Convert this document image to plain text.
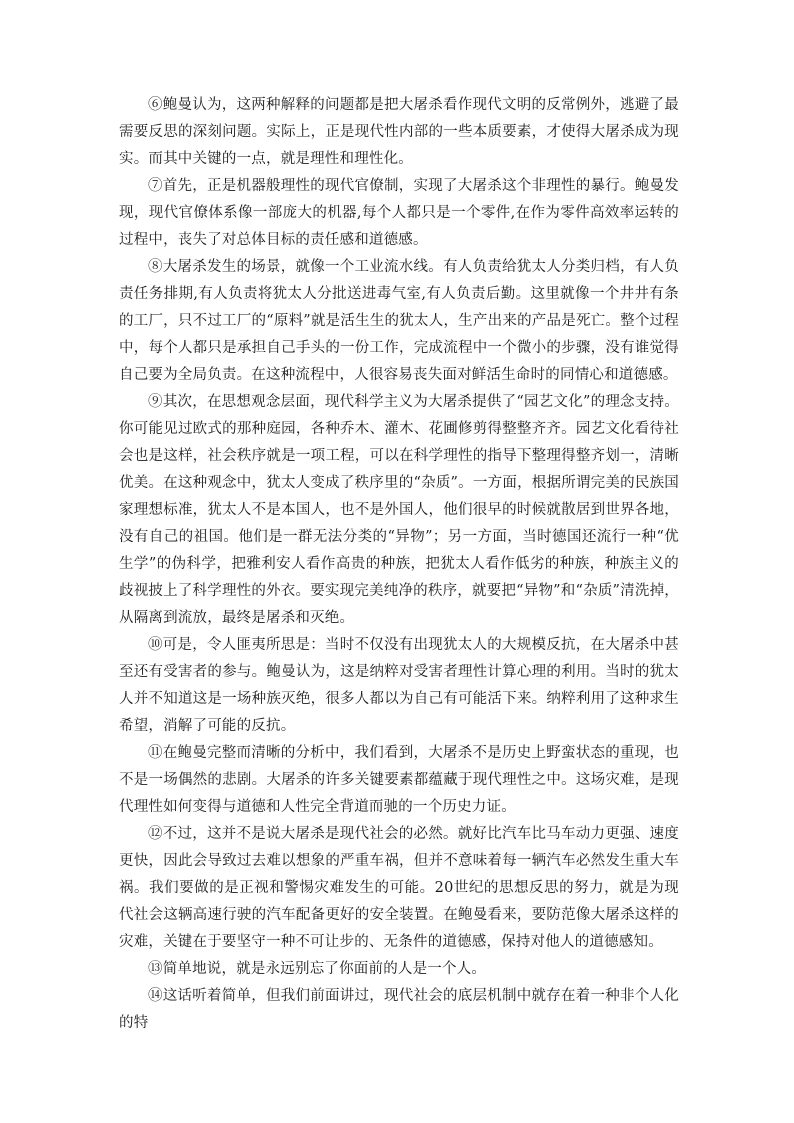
⑥鲍曼认为，这两种解释的问题都是把大屠杀看作现代文明的反常例外，逃避了最需要反思的深刻问题。实际上，正是现代性内部的一些本质要素，才使得大屠杀成为现实。而其中关键的一点，就是理性和理性化。

⑦首先，正是机器般理性的现代官僚制，实现了大屠杀这个非理性的暴行。鲍曼发现，现代官僚体系像一部庞大的机器,每个人都只是一个零件,在作为零件高效率运转的过程中，丧失了对总体目标的责任感和道德感。

⑧大屠杀发生的场景，就像一个工业流水线。有人负责给犹太人分类归档，有人负责任务排期,有人负责将犹太人分批送进毒气室,有人负责后勤。这里就像一个井井有条的工厂，只不过工厂的“原料”就是活生生的犹太人，生产出来的产品是死亡。整个过程中，每个人都只是承担自己手头的一份工作，完成流程中一个微小的步骤，没有谁觉得自己要为全局负责。在这种流程中，人很容易丧失面对鲜活生命时的同情心和道德感。

⑨其次，在思想观念层面，现代科学主义为大屠杀提供了“园艺文化”的理念支持。你可能见过欧式的那种庭园，各种乔木、灌木、花圃修剪得整整齐齐。园艺文化看待社会也是这样，社会秩序就是一项工程，可以在科学理性的指导下整理得整齐划一，清晰优美。在这种观念中，犹太人变成了秩序里的“杂质”。一方面，根据所谓完美的民族国家理想标准，犹太人不是本国人，也不是外国人，他们很早的时候就散居到世界各地，没有自己的祖国。他们是一群无法分类的“异物”；另一方面，当时德国还流行一种“优生学”的伪科学，把雅利安人看作高贵的种族，把犹太人看作低劣的种族，种族主义的歧视披上了科学理性的外衣。要实现完美纯净的秩序，就要把“异物”和“杂质”清洗掉，从隔离到流放，最终是屠杀和灭绝。

⑩可是，令人匪夷所思是：当时不仅没有出现犹太人的大规模反抗，在大屠杀中甚至还有受害者的参与。鲍曼认为，这是纳粹对受害者理性计算心理的利用。当时的犹太人并不知道这是一场种族灭绝，很多人都以为自己有可能活下来。纳粹利用了这种求生希望，消解了可能的反抗。

⑪在鲍曼完整而清晰的分析中，我们看到，大屠杀不是历史上野蛮状态的重现，也不是一场偶然的悲剧。大屠杀的许多关键要素都蕴藏于现代理性之中。这场灾难，是现代理性如何变得与道德和人性完全背道而驰的一个历史力证。

⑫不过，这并不是说大屠杀是现代社会的必然。就好比汽车比马车动力更强、速度更快，因此会导致过去难以想象的严重车祸，但并不意味着每一辆汽车必然发生重大车祸。我们要做的是正视和警惕灾难发生的可能。20世纪的思想反思的努力，就是为现代社会这辆高速行驶的汽车配备更好的安全装置。在鲍曼看来，要防范像大屠杀这样的灾难，关键在于要坚守一种不可让步的、无条件的道德感，保持对他人的道德感知。

⑬简单地说，就是永远别忘了你面前的人是一个人。

⑭这话听着简单，但我们前面讲过，现代社会的底层机制中就存在着一种非个人化的特
